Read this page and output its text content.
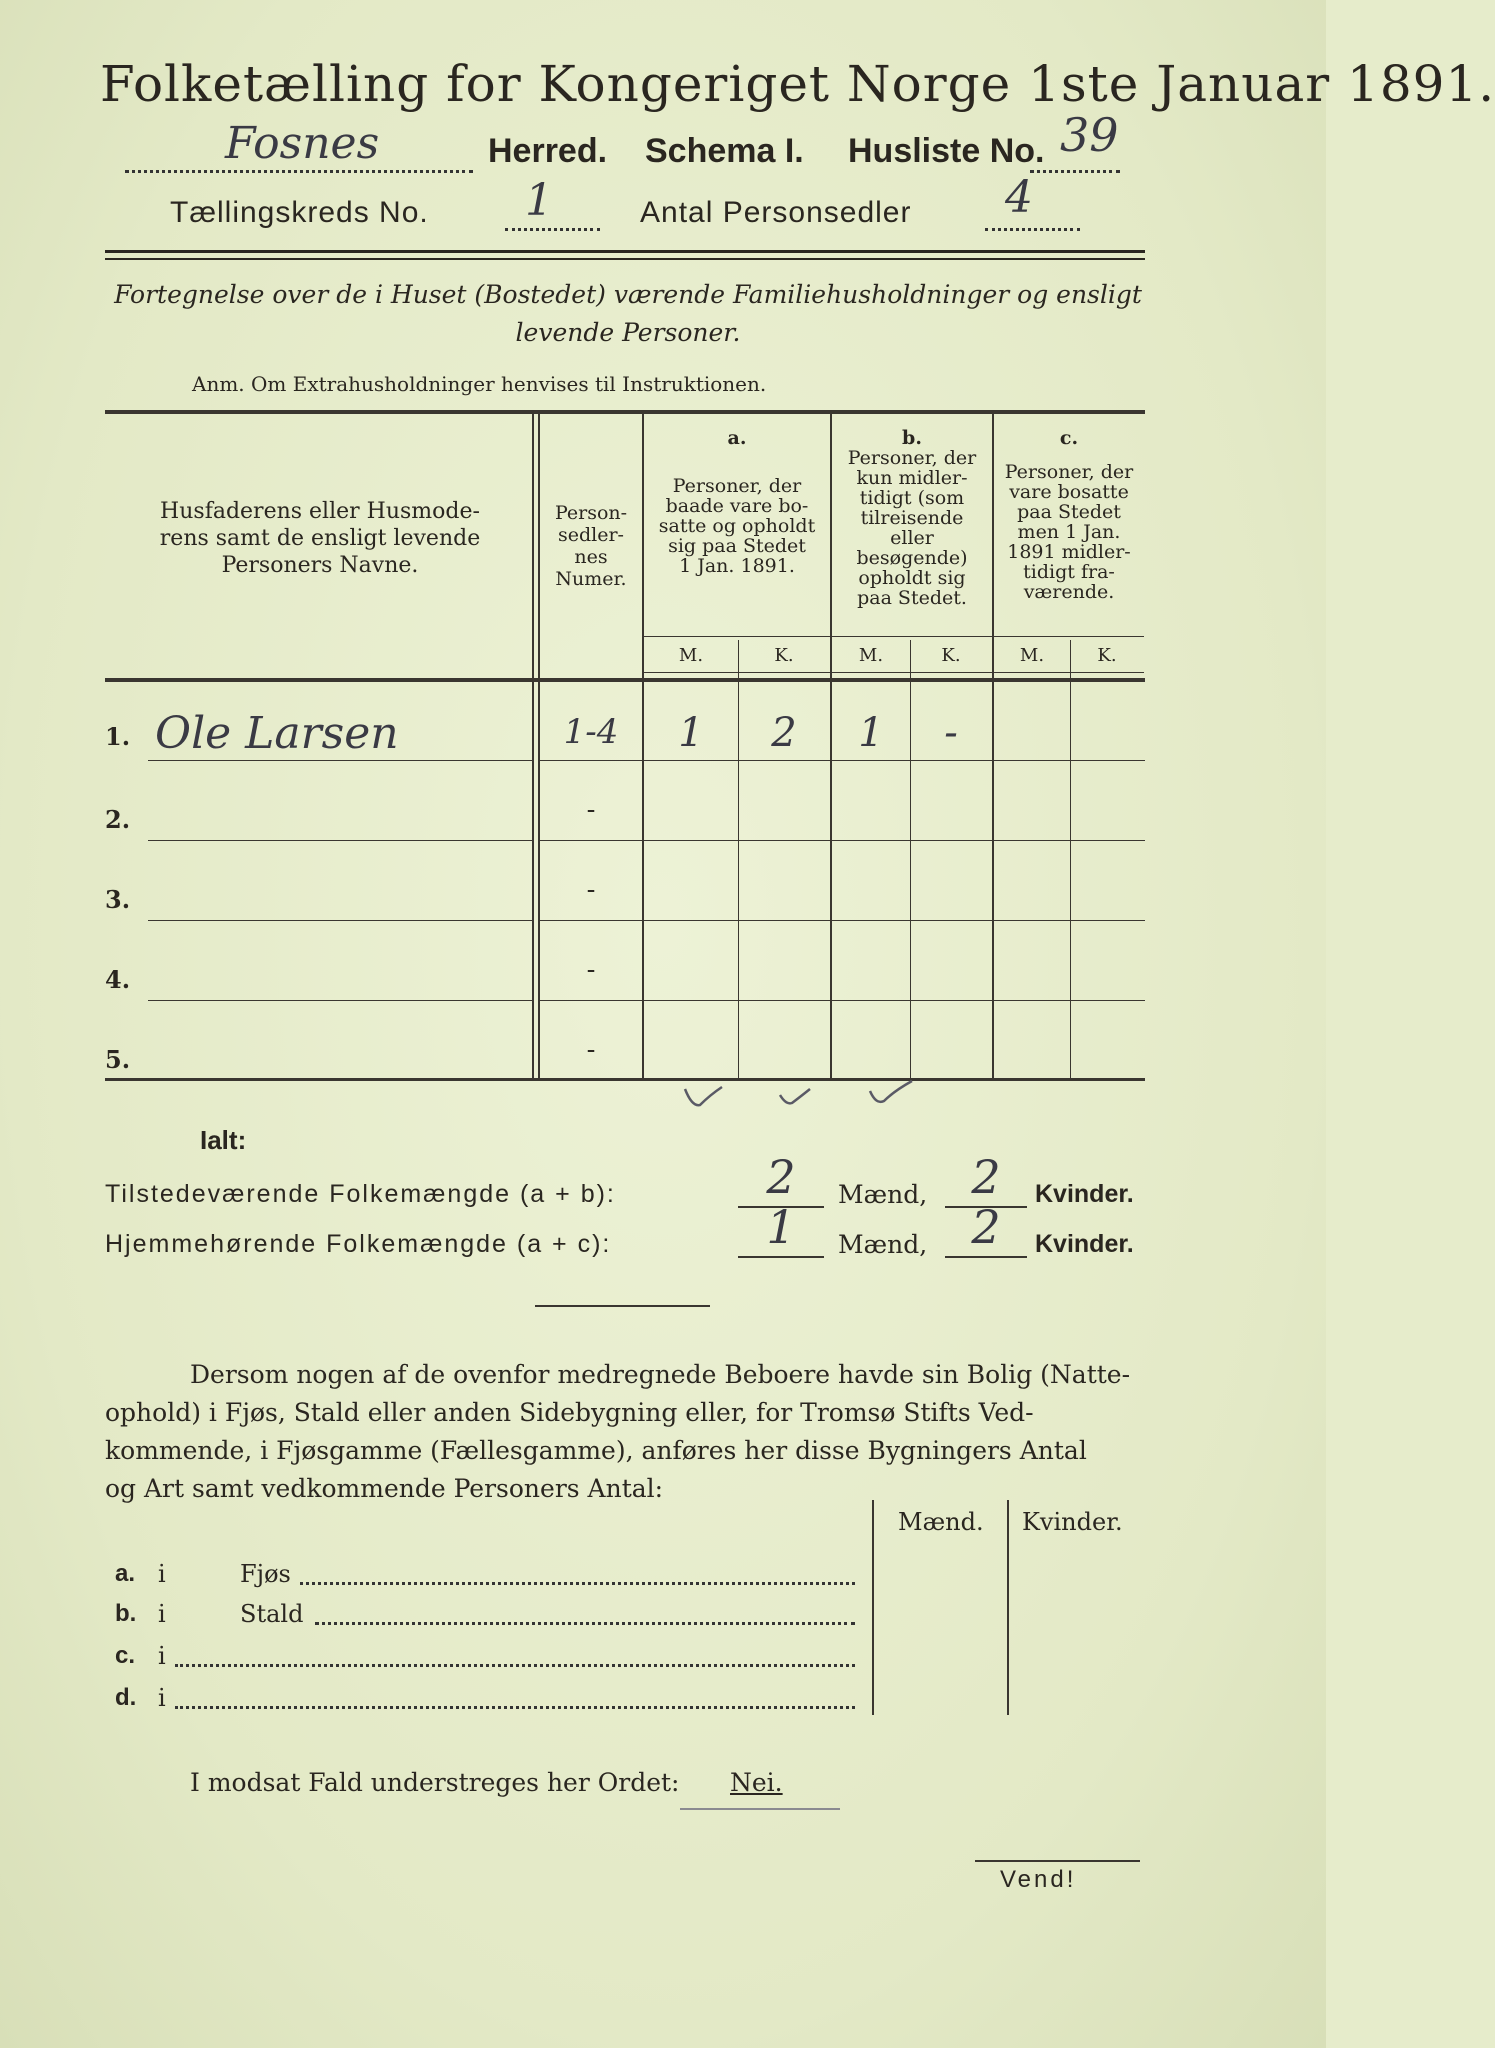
Folketælling for Kongeriget Norge 1ste Januar 1891.
Fosnes	Herred. Schema I. Husliste No. 39
Tællingskreds No. 1	Antal Personsedler 4
Fortegnelse over de i Huset (Bostedet) værende Familiehusholdninger og ensligt
levende Personer.
Anm. Om Extrahusholdninger henvises til Instruktionen.
Husfaderens eller Husmode-
rens samt de ensligt levende
Personers Navne.
Person-
sedler-
nes
Numer.
a.
Personer, der
baade vare bo-
satte og opholdt
sig paa Stedet
1 Jan. 1891.
b.
Personer, der
kun midler-
tidigt (som
tilreisende
eller
besøgende)
opholdt sig
paa Stedet.
c.
Personer, der
vare bosatte
paa Stedet
men 1 Jan.
1891 midler-
tidigt fra-
værende.
M.	K.	M.	K.	M.	K.
1. Ole Larsen	1-4	1	2	1	-
2.	-
3.	-
4.	-
5.	-
Ialt:
Tilstedeværende Folkemængde (a + b):	2	Mænd, 2	Kvinder.
Hjemmehørende Folkemængde (a + c):	1	Mænd, 2	Kvinder.
Dersom nogen af de ovenfor medregnede Beboere havde sin Bolig (Natte-
ophold) i Fjøs, Stald eller anden Sidebygning eller, for Tromsø Stifts Ved-
kommende, i Fjøsgamme (Fællesgamme), anføres her disse Bygningers Antal
og Art samt vedkommende Personers Antal:
Mænd. Kvinder.
a. i	Fjøs
b. i	Stald
c. i
d. i
I modsat Fald understreges her Ordet: Nei.
Vend!
